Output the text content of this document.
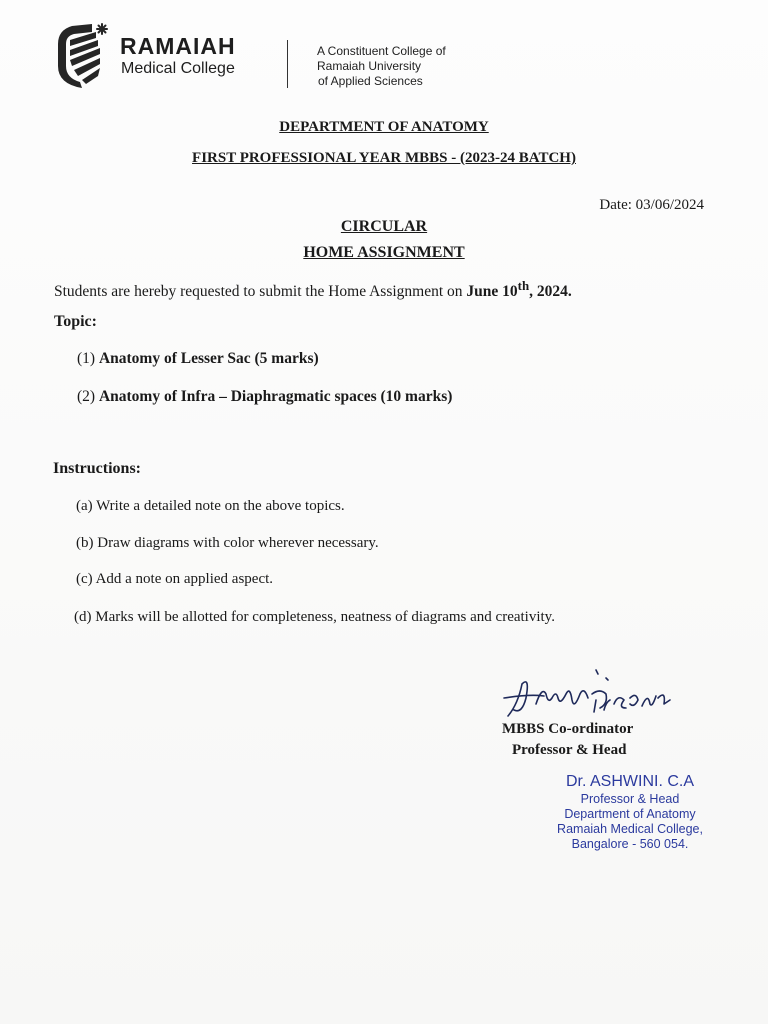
RAMAIAH
Medical College
A Constituent College of
Ramaiah University
of Applied Sciences
DEPARTMENT OF ANATOMY
FIRST PROFESSIONAL YEAR MBBS - (2023-24 BATCH)
Date: 03/06/2024
CIRCULAR
HOME ASSIGNMENT
Students are hereby requested to submit the Home Assignment on June 10th, 2024.
Topic:
(1) Anatomy of Lesser Sac (5 marks)
(2) Anatomy of Infra – Diaphragmatic spaces (10 marks)
Instructions:
(a) Write a detailed note on the above topics.
(b) Draw diagrams with color wherever necessary.
(c) Add a note on applied aspect.
(d) Marks will be allotted for completeness, neatness of diagrams and creativity.
MBBS Co-ordinator
Professor & Head
Dr. ASHWINI. C.A
Professor & Head
Department of Anatomy
Ramaiah Medical College,
Bangalore - 560 054.
